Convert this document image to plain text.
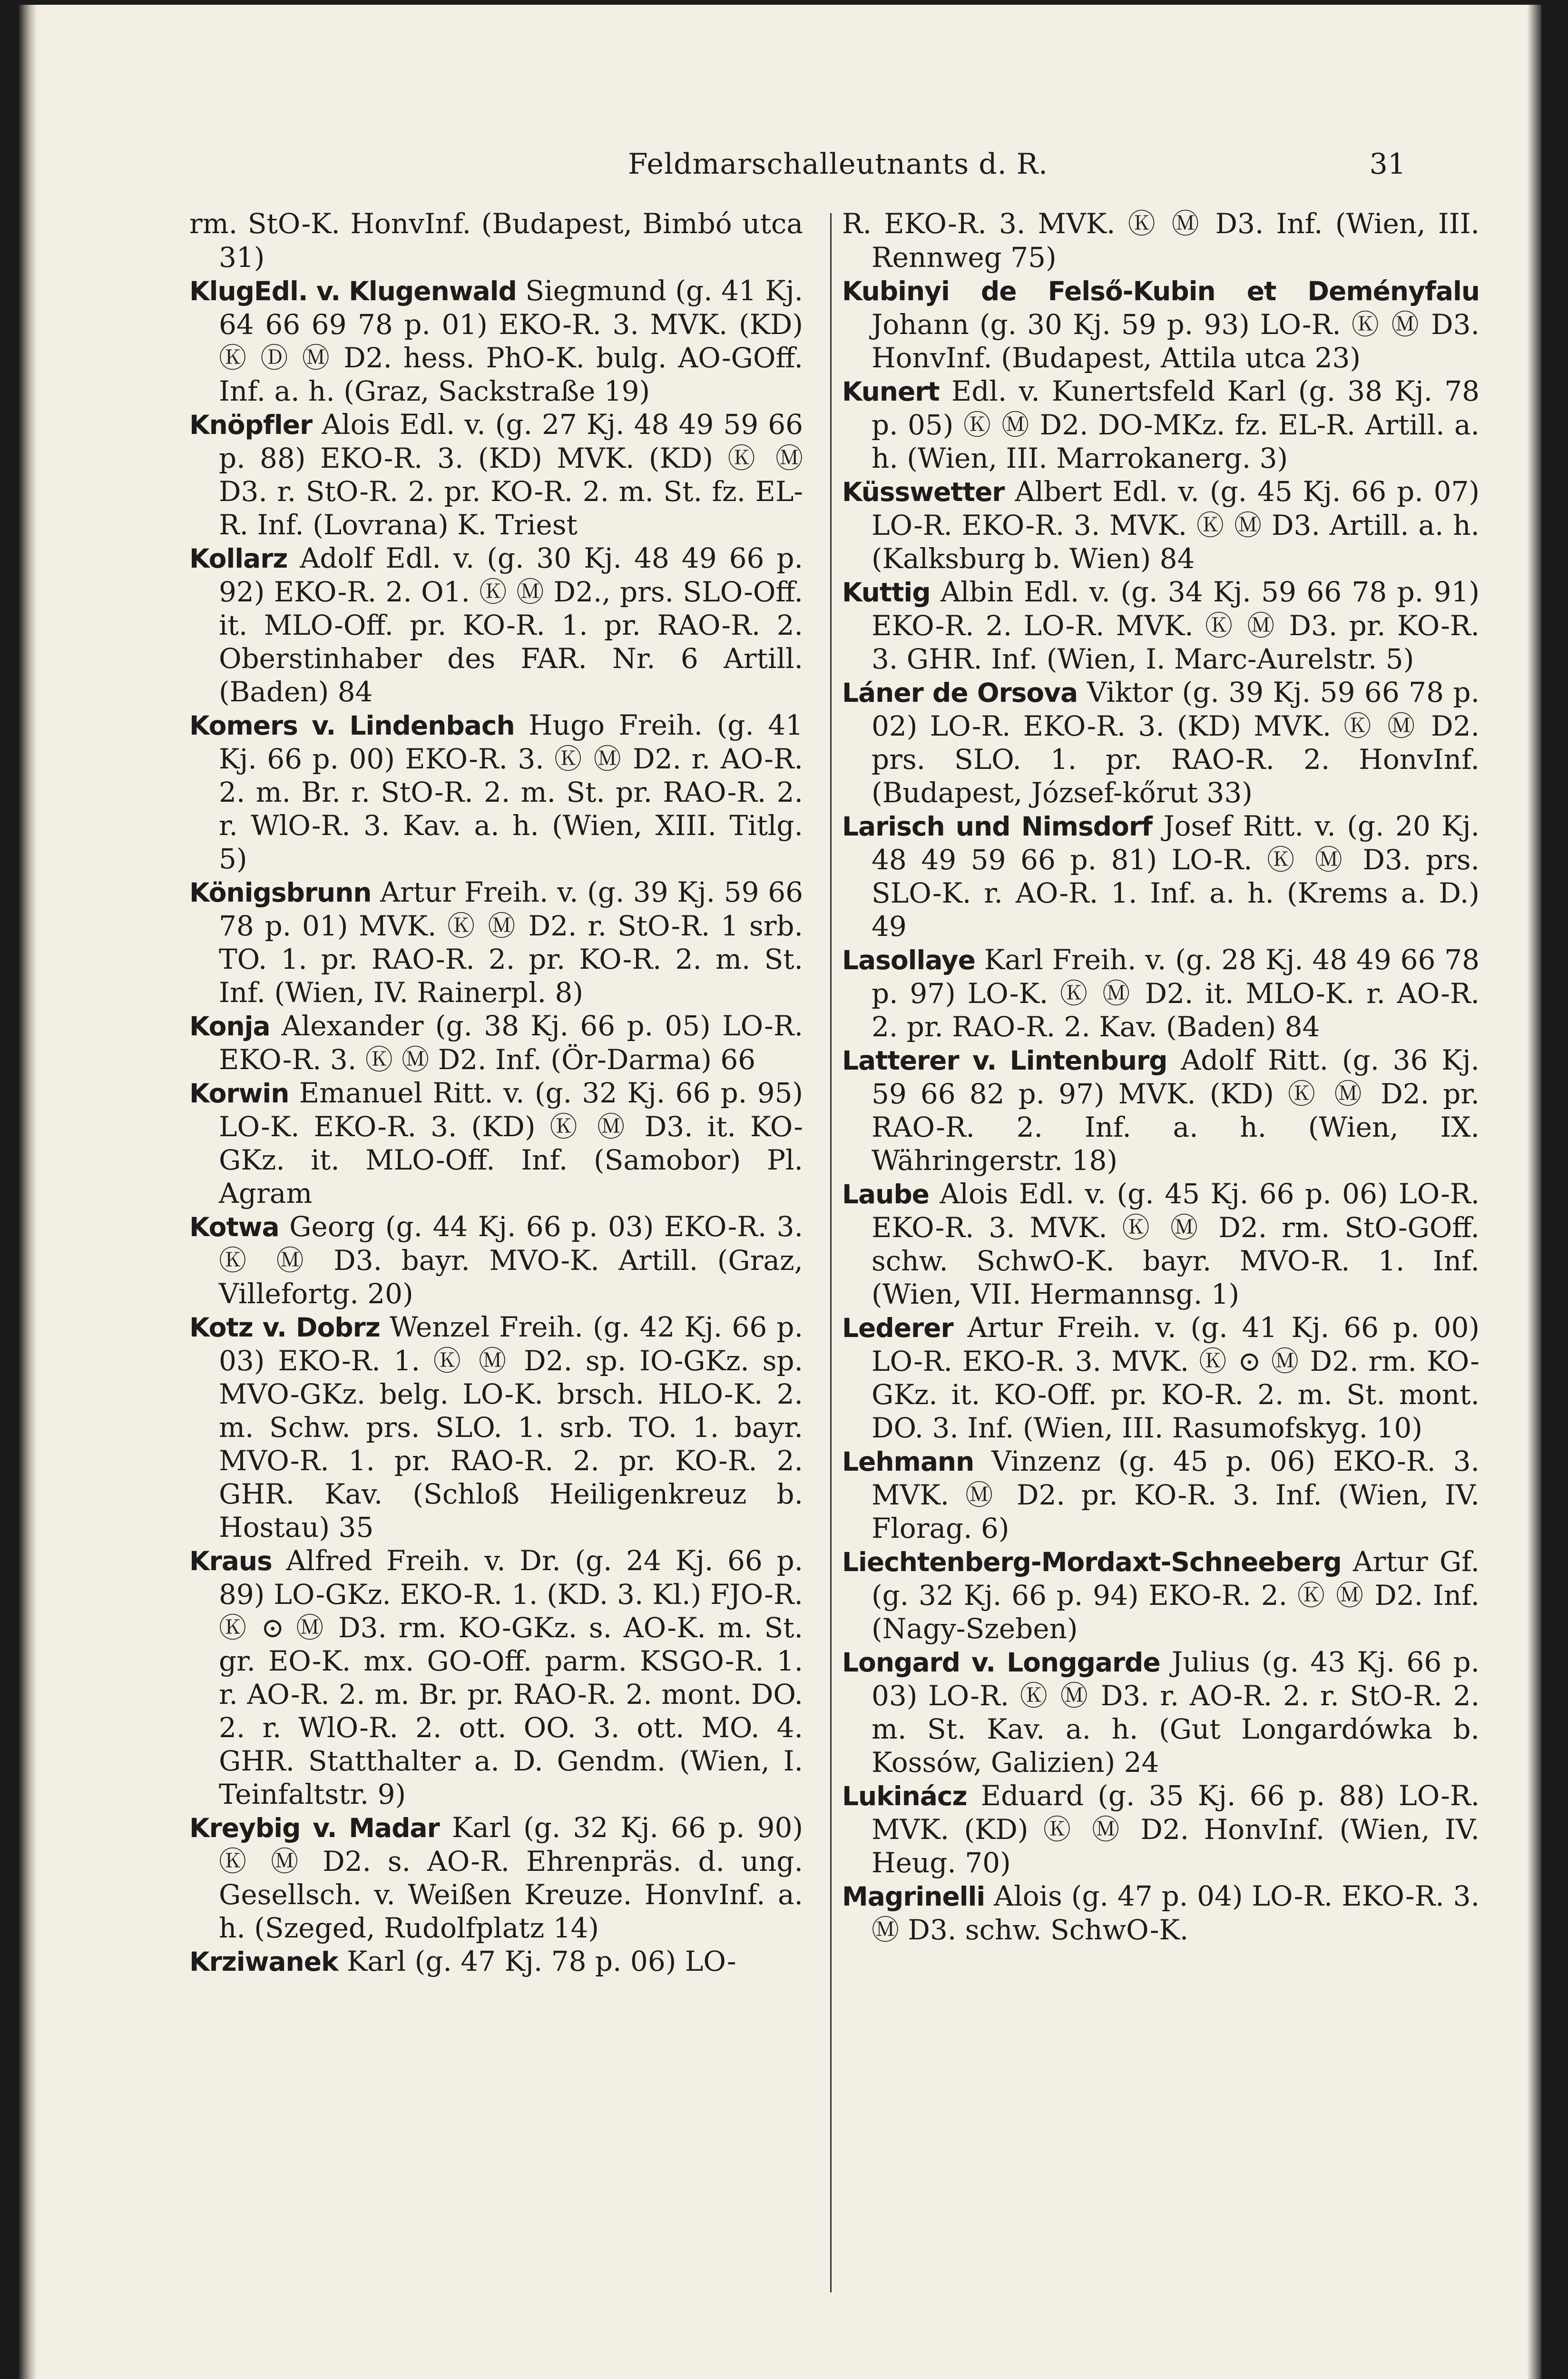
Feldmarschalleutnants d. R.	31

rm. StO-K. HonvInf. (Budapest, Bimbó utca 31)

KlugEdl. v. Klugenwald Siegmund (g. 41 Kj. 64 66 69 78 p. 01) EKO-R. 3. MVK. (KD) Ⓚ Ⓓ Ⓜ D2. hess. PhO-K. bulg. AO-GOff. Inf. a. h. (Graz, Sackstraße 19)

Knöpfler Alois Edl. v. (g. 27 Kj. 48 49 59 66 p. 88) EKO-R. 3. (KD) MVK. (KD) Ⓚ Ⓜ D3. r. StO-R. 2. pr. KO-R. 2. m. St. fz. EL-R. Inf. (Lovrana) K. Triest

Kollarz Adolf Edl. v. (g. 30 Kj. 48 49 66 p. 92) EKO-R. 2. O1. Ⓚ Ⓜ D2., prs. SLO-Off. it. MLO-Off. pr. KO-R. 1. pr. RAO-R. 2. Oberstinhaber des FAR. Nr. 6 Artill. (Baden) 84

Komers v. Lindenbach Hugo Freih. (g. 41 Kj. 66 p. 00) EKO-R. 3. Ⓚ Ⓜ D2. r. AO-R. 2. m. Br. r. StO-R. 2. m. St. pr. RAO-R. 2. r. WlO-R. 3. Kav. a. h. (Wien, XIII. Titlg. 5)

Königsbrunn Artur Freih. v. (g. 39 Kj. 59 66 78 p. 01) MVK. Ⓚ Ⓜ D2. r. StO-R. 1 srb. TO. 1. pr. RAO-R. 2. pr. KO-R. 2. m. St. Inf. (Wien, IV. Rainerpl. 8)

Konja Alexander (g. 38 Kj. 66 p. 05) LO-R. EKO-R. 3. Ⓚ Ⓜ D2. Inf. (Ör-Darma) 66

Korwin Emanuel Ritt. v. (g. 32 Kj. 66 p. 95) LO-K. EKO-R. 3. (KD) Ⓚ Ⓜ D3. it. KO-GKz. it. MLO-Off. Inf. (Samobor) Pl. Agram

Kotwa Georg (g. 44 Kj. 66 p. 03) EKO-R. 3. Ⓚ Ⓜ D3. bayr. MVO-K. Artill. (Graz, Villefortg. 20)

Kotz v. Dobrz Wenzel Freih. (g. 42 Kj. 66 p. 03) EKO-R. 1. Ⓚ Ⓜ D2. sp. IO-GKz. sp. MVO-GKz. belg. LO-K. brsch. HLO-K. 2. m. Schw. prs. SLO. 1. srb. TO. 1. bayr. MVO-R. 1. pr. RAO-R. 2. pr. KO-R. 2. GHR. Kav. (Schloß Heiligenkreuz b. Hostau) 35

Kraus Alfred Freih. v. Dr. (g. 24 Kj. 66 p. 89) LO-GKz. EKO-R. 1. (KD. 3. Kl.) FJO-R. Ⓚ ⊙ Ⓜ D3. rm. KO-GKz. s. AO-K. m. St. gr. EO-K. mx. GO-Off. parm. KSGO-R. 1. r. AO-R. 2. m. Br. pr. RAO-R. 2. mont. DO. 2. r. WlO-R. 2. ott. OO. 3. ott. MO. 4. GHR. Statthalter a. D. Gendm. (Wien, I. Teinfaltstr. 9)

Kreybig v. Madar Karl (g. 32 Kj. 66 p. 90) Ⓚ Ⓜ D2. s. AO-R. Ehrenpräs. d. ung. Gesellsch. v. Weißen Kreuze. HonvInf. a. h. (Szeged, Rudolfplatz 14)

Krziwanek Karl (g. 47 Kj. 78 p. 06) LO-

R. EKO-R. 3. MVK. Ⓚ Ⓜ D3. Inf. (Wien, III. Rennweg 75)

Kubinyi de Felső-Kubin et Deményfalu Johann (g. 30 Kj. 59 p. 93) LO-R. Ⓚ Ⓜ D3. HonvInf. (Budapest, Attila utca 23)

Kunert Edl. v. Kunertsfeld Karl (g. 38 Kj. 78 p. 05) Ⓚ Ⓜ D2. DO-MKz. fz. EL-R. Artill. a. h. (Wien, III. Marrokanerg. 3)

Küsswetter Albert Edl. v. (g. 45 Kj. 66 p. 07) LO-R. EKO-R. 3. MVK. Ⓚ Ⓜ D3. Artill. a. h. (Kalksburg b. Wien) 84

Kuttig Albin Edl. v. (g. 34 Kj. 59 66 78 p. 91) EKO-R. 2. LO-R. MVK. Ⓚ Ⓜ D3. pr. KO-R. 3. GHR. Inf. (Wien, I. Marc-Aurelstr. 5)

Láner de Orsova Viktor (g. 39 Kj. 59 66 78 p. 02) LO-R. EKO-R. 3. (KD) MVK. Ⓚ Ⓜ D2. prs. SLO. 1. pr. RAO-R. 2. HonvInf. (Budapest, József-kőrut 33)

Larisch und Nimsdorf Josef Ritt. v. (g. 20 Kj. 48 49 59 66 p. 81) LO-R. Ⓚ Ⓜ D3. prs. SLO-K. r. AO-R. 1. Inf. a. h. (Krems a. D.) 49

Lasollaye Karl Freih. v. (g. 28 Kj. 48 49 66 78 p. 97) LO-K. Ⓚ Ⓜ D2. it. MLO-K. r. AO-R. 2. pr. RAO-R. 2. Kav. (Baden) 84

Latterer v. Lintenburg Adolf Ritt. (g. 36 Kj. 59 66 82 p. 97) MVK. (KD) Ⓚ Ⓜ D2. pr. RAO-R. 2. Inf. a. h. (Wien, IX. Währingerstr. 18)

Laube Alois Edl. v. (g. 45 Kj. 66 p. 06) LO-R. EKO-R. 3. MVK. Ⓚ Ⓜ D2. rm. StO-GOff. schw. SchwO-K. bayr. MVO-R. 1. Inf. (Wien, VII. Hermannsg. 1)

Lederer Artur Freih. v. (g. 41 Kj. 66 p. 00) LO-R. EKO-R. 3. MVK. Ⓚ ⊙ Ⓜ D2. rm. KO-GKz. it. KO-Off. pr. KO-R. 2. m. St. mont. DO. 3. Inf. (Wien, III. Rasumofskyg. 10)

Lehmann Vinzenz (g. 45 p. 06) EKO-R. 3. MVK. Ⓜ D2. pr. KO-R. 3. Inf. (Wien, IV. Florag. 6)

Liechtenberg-Mordaxt-Schneeberg Artur Gf. (g. 32 Kj. 66 p. 94) EKO-R. 2. Ⓚ Ⓜ D2. Inf. (Nagy-Szeben)

Longard v. Longgarde Julius (g. 43 Kj. 66 p. 03) LO-R. Ⓚ Ⓜ D3. r. AO-R. 2. r. StO-R. 2. m. St. Kav. a. h. (Gut Longardówka b. Kossów, Galizien) 24

Lukinácz Eduard (g. 35 Kj. 66 p. 88) LO-R. MVK. (KD) Ⓚ Ⓜ D2. HonvInf. (Wien, IV. Heug. 70)

Magrinelli Alois (g. 47 p. 04) LO-R. EKO-R. 3. Ⓜ D3. schw. SchwO-K.
